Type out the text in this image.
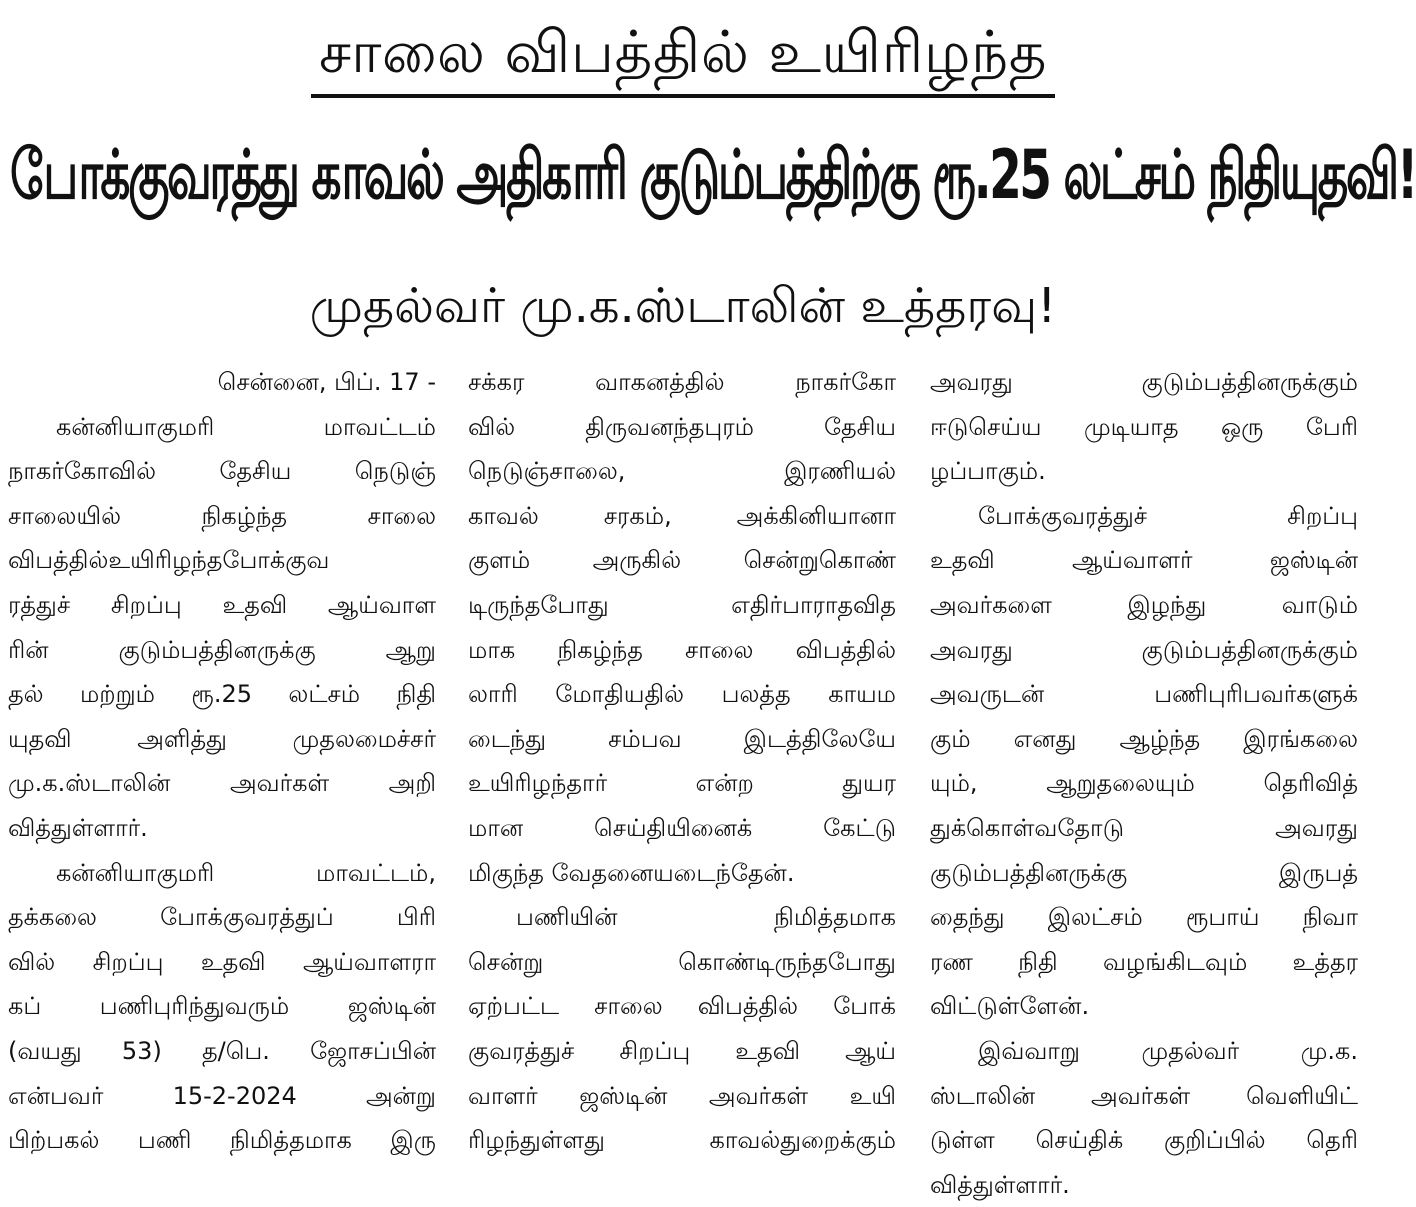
சாலை விபத்தில் உயிரிழந்த
போக்குவரத்து காவல் அதிகாரி குடும்பத்திற்கு ரூ.25 லட்சம் நிதியுதவி!
முதல்வர் மு.க.ஸ்டாலின் உத்தரவு!
சென்னை, பிப். 17 -
கன்னியாகுமரி மாவட்டம்
நாகர்கோவில் தேசிய நெடுஞ்
சாலையில் நிகழ்ந்த சாலை
விபத்தில்உயிரிழந்தபோக்குவ
ரத்துச் சிறப்பு உதவி ஆய்வாள
ரின் குடும்பத்தினருக்கு ஆறு
தல் மற்றும் ரூ.25 லட்சம் நிதி
யுதவி அளித்து முதலமைச்சர்
மு.க.ஸ்டாலின் அவர்கள் அறி
வித்துள்ளார்.
கன்னியாகுமரி மாவட்டம்,
தக்கலை போக்குவரத்துப் பிரி
வில் சிறப்பு உதவி ஆய்வாளரா
கப் பணிபுரிந்துவரும் ஜஸ்டின்
(வயது 53) த/பெ. ஜோசப்பின்
என்பவர் 15-2-2024 அன்று
பிற்பகல் பணி நிமித்தமாக இரு
சக்கர வாகனத்தில் நாகர்கோ
வில் திருவனந்தபுரம் தேசிய
நெடுஞ்சாலை, இரணியல்
காவல் சரகம், அக்கினியானா
குளம் அருகில் சென்றுகொண்
டிருந்தபோது எதிர்பாராதவித
மாக நிகழ்ந்த சாலை விபத்தில்
லாரி மோதியதில் பலத்த காயம
டைந்து சம்பவ இடத்திலேயே
உயிரிழந்தார் என்ற துயர
மான செய்தியினைக் கேட்டு
மிகுந்த வேதனையடைந்தேன்.
பணியின் நிமித்தமாக
சென்று கொண்டிருந்தபோது
ஏற்பட்ட சாலை விபத்தில் போக்
குவரத்துச் சிறப்பு உதவி ஆய்
வாளர் ஜஸ்டின் அவர்கள் உயி
ரிழந்துள்ளது காவல்துறைக்கும்
அவரது குடும்பத்தினருக்கும்
ஈடுசெய்ய முடியாத ஒரு பேரி
ழப்பாகும்.
போக்குவரத்துச் சிறப்பு
உதவி ஆய்வாளர் ஜஸ்டின்
அவர்களை இழந்து வாடும்
அவரது குடும்பத்தினருக்கும்
அவருடன் பணிபுரிபவர்களுக்
கும் எனது ஆழ்ந்த இரங்கலை
யும், ஆறுதலையும் தெரிவித்
துக்கொள்வதோடு அவரது
குடும்பத்தினருக்கு இருபத்
தைந்து இலட்சம் ரூபாய் நிவா
ரண நிதி வழங்கிடவும் உத்தர
விட்டுள்ளேன்.
இவ்வாறு முதல்வர் மு.க.
ஸ்டாலின் அவர்கள் வெளியிட்
டுள்ள செய்திக் குறிப்பில் தெரி
வித்துள்ளார்.
